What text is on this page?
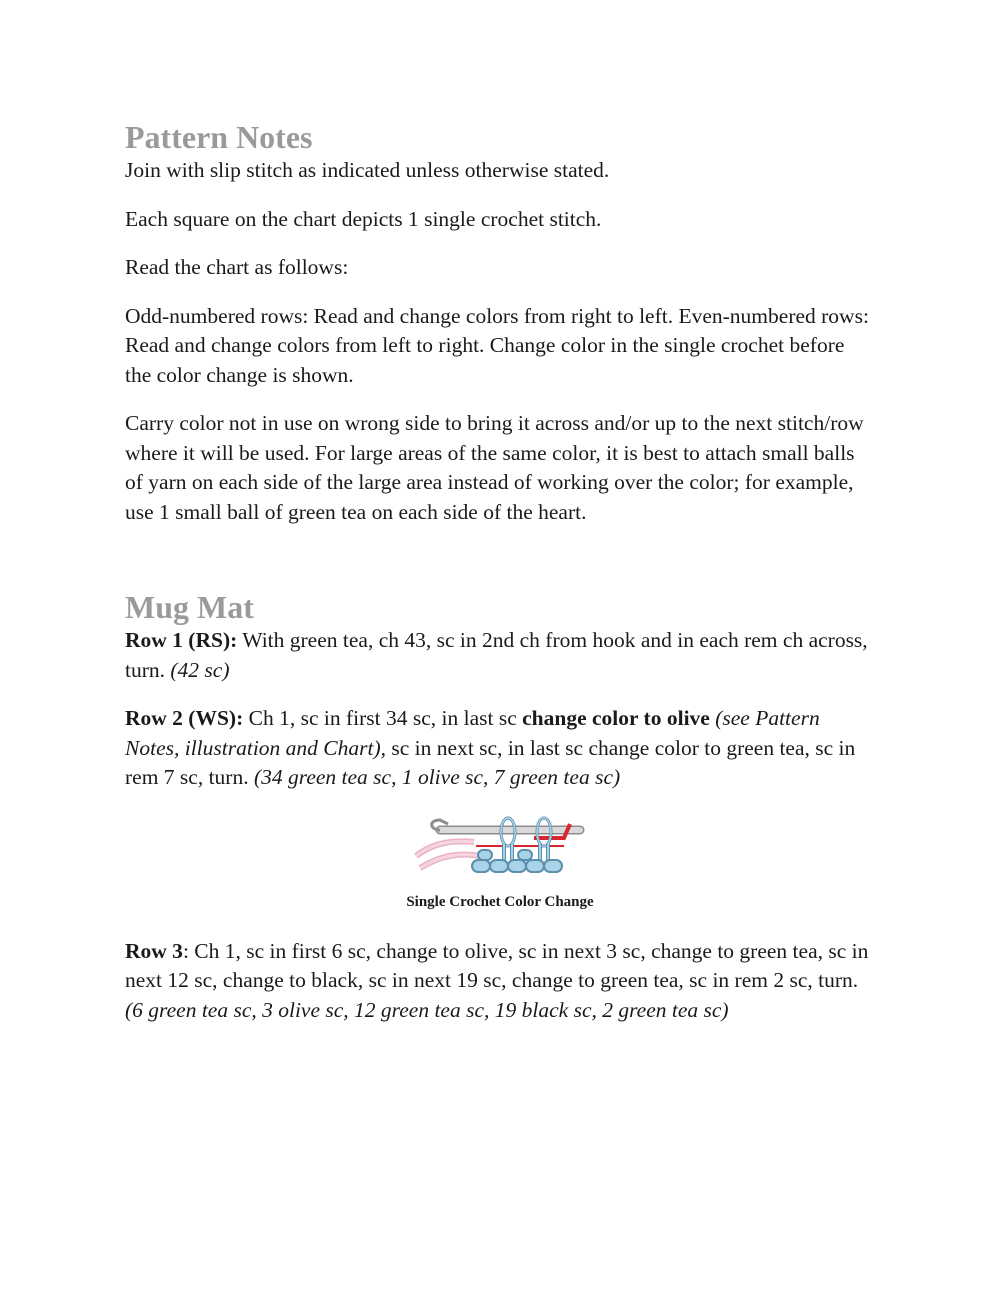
Pattern Notes

Join with slip stitch as indicated unless otherwise stated.

Each square on the chart depicts 1 single crochet stitch.

Read the chart as follows:

Odd-numbered rows: Read and change colors from right to left. Even-numbered rows: Read and change colors from left to right. Change color in the single crochet before the color change is shown.

Carry color not in use on wrong side to bring it across and/or up to the next stitch/row where it will be used. For large areas of the same color, it is best to attach small balls of yarn on each side of the large area instead of working over the color; for example, use 1 small ball of green tea on each side of the heart.

Mug Mat

Row 1 (RS): With green tea, ch 43, sc in 2nd ch from hook and in each rem ch across, turn. (42 sc)

Row 2 (WS): Ch 1, sc in first 34 sc, in last sc change color to olive (see Pattern Notes, illustration and Chart), sc in next sc, in last sc change color to green tea, sc in rem 7 sc, turn. (34 green tea sc, 1 olive sc, 7 green tea sc)

Single Crochet Color Change

Row 3: Ch 1, sc in first 6 sc, change to olive, sc in next 3 sc, change to green tea, sc in next 12 sc, change to black, sc in next 19 sc, change to green tea, sc in rem 2 sc, turn. (6 green tea sc, 3 olive sc, 12 green tea sc, 19 black sc, 2 green tea sc)
